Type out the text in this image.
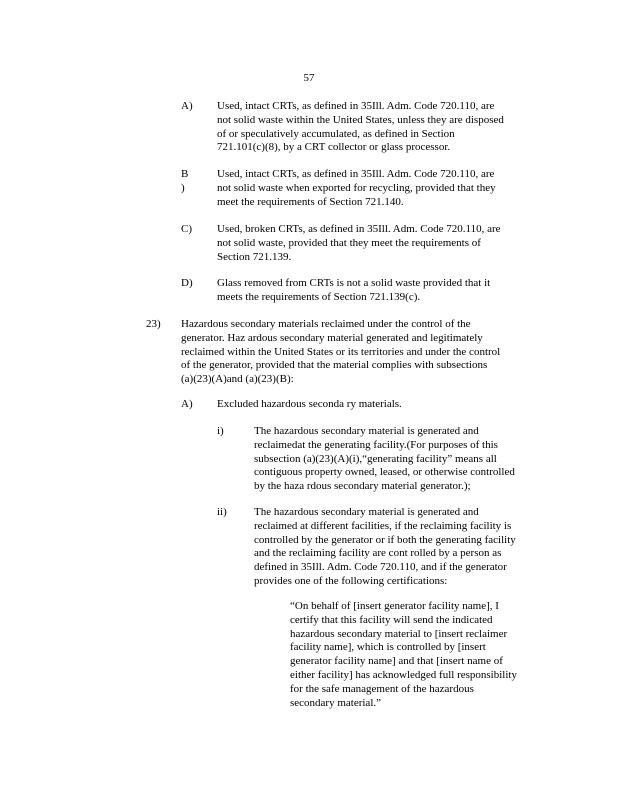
57
A) Used, intact CRTs, as defined in 35Ill. Adm. Code 720.110, are
not solid waste within the United States, unless they are disposed
of or speculatively accumulated, as defined in Section
721.101(c)(8), by a CRT collector or glass processor.
B )
Used, intact CRTs, as defined in 35Ill. Adm. Code 720.110, are
not solid waste when exported for recycling, provided that they
meet the requirements of Section 721.140.
C) Used, broken CRTs, as defined in 35Ill. Adm. Code 720.110, are
not solid waste, provided that they meet the requirements of
Section 721.139.
D) Glass removed from CRTs is not a solid waste provided that it
meets the requirements of Section 721.139(c).
23) Hazardous secondary materials reclaimed under the control of the
generator. Haz ardous secondary material generated and legitimately
reclaimed within the United States or its territories and under the control
of the generator, provided that the material complies with subsections
(a)(23)(A)and (a)(23)(B):
A) Excluded hazardous seconda ry materials.
i)	The hazardous secondary material is generated and
reclaimedat the generating facility.(For purposes of this
subsection (a)(23)(A)(i),“generating facility” means all
contiguous property owned, leased, or otherwise controlled
by the haza rdous secondary material generator.);
ii) The hazardous secondary material is generated and
reclaimed at different facilities, if the reclaiming facility is
controlled by the generator or if both the generating facility
and the reclaiming facility are cont rolled by a person as
defined in 35Ill. Adm. Code 720.110, and if the generator
provides one of the following certifications:
“On behalf of [insert generator facility name], I
certify that this facility will send the indicated
hazardous secondary material to [insert reclaimer
facility name], which is controlled by [insert
generator facility name] and that [insert name of
either facility] has acknowledged full responsibility
for the safe management of the hazardous
secondary material.”
